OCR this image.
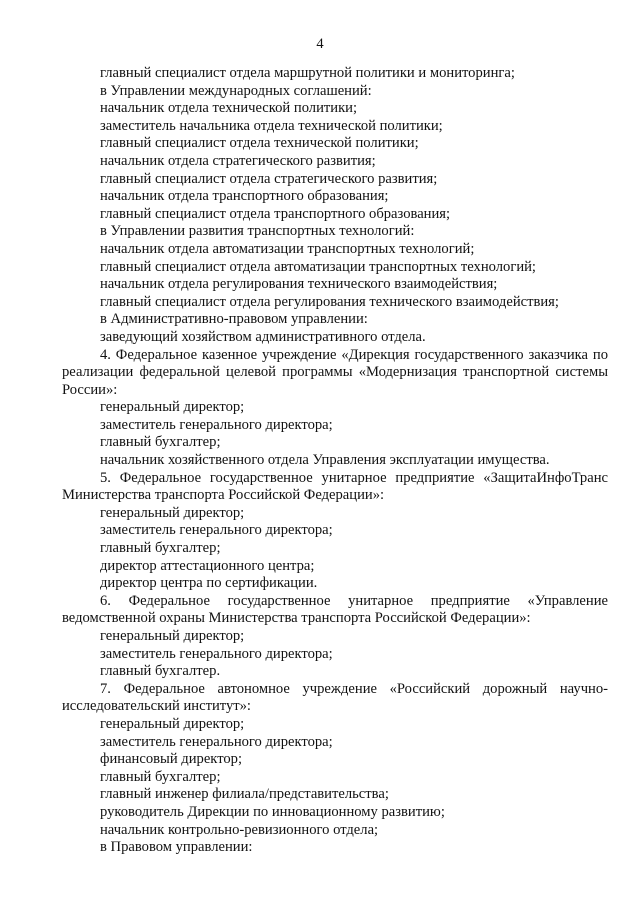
4
главный специалист отдела маршрутной политики и мониторинга;
в Управлении международных соглашений:
начальник отдела технической политики;
заместитель начальника отдела технической политики;
главный специалист отдела технической политики;
начальник отдела стратегического развития;
главный специалист отдела стратегического развития;
начальник отдела транспортного образования;
главный специалист отдела транспортного образования;
в Управлении развития транспортных технологий:
начальник отдела автоматизации транспортных технологий;
главный специалист отдела автоматизации транспортных технологий;
начальник отдела регулирования технического взаимодействия;
главный специалист отдела регулирования технического взаимодействия;
в Административно-правовом управлении:
заведующий хозяйством административного отдела.
4. Федеральное казенное учреждение «Дирекция государственного заказчика по реализации федеральной целевой программы «Модернизация транспортной системы России»:
генеральный директор;
заместитель генерального директора;
главный бухгалтер;
начальник хозяйственного отдела Управления эксплуатации имущества.
5. Федеральное государственное унитарное предприятие «ЗащитаИнфоТранс Министерства транспорта Российской Федерации»:
генеральный директор;
заместитель генерального директора;
главный бухгалтер;
директор аттестационного центра;
директор центра по сертификации.
6. Федеральное государственное унитарное предприятие «Управление ведомственной охраны Министерства транспорта Российской Федерации»:
генеральный директор;
заместитель генерального директора;
главный бухгалтер.
7. Федеральное автономное учреждение «Российский дорожный научно-исследовательский институт»:
генеральный директор;
заместитель генерального директора;
финансовый директор;
главный бухгалтер;
главный инженер филиала/представительства;
руководитель Дирекции по инновационному развитию;
начальник контрольно-ревизионного отдела;
в Правовом управлении:
